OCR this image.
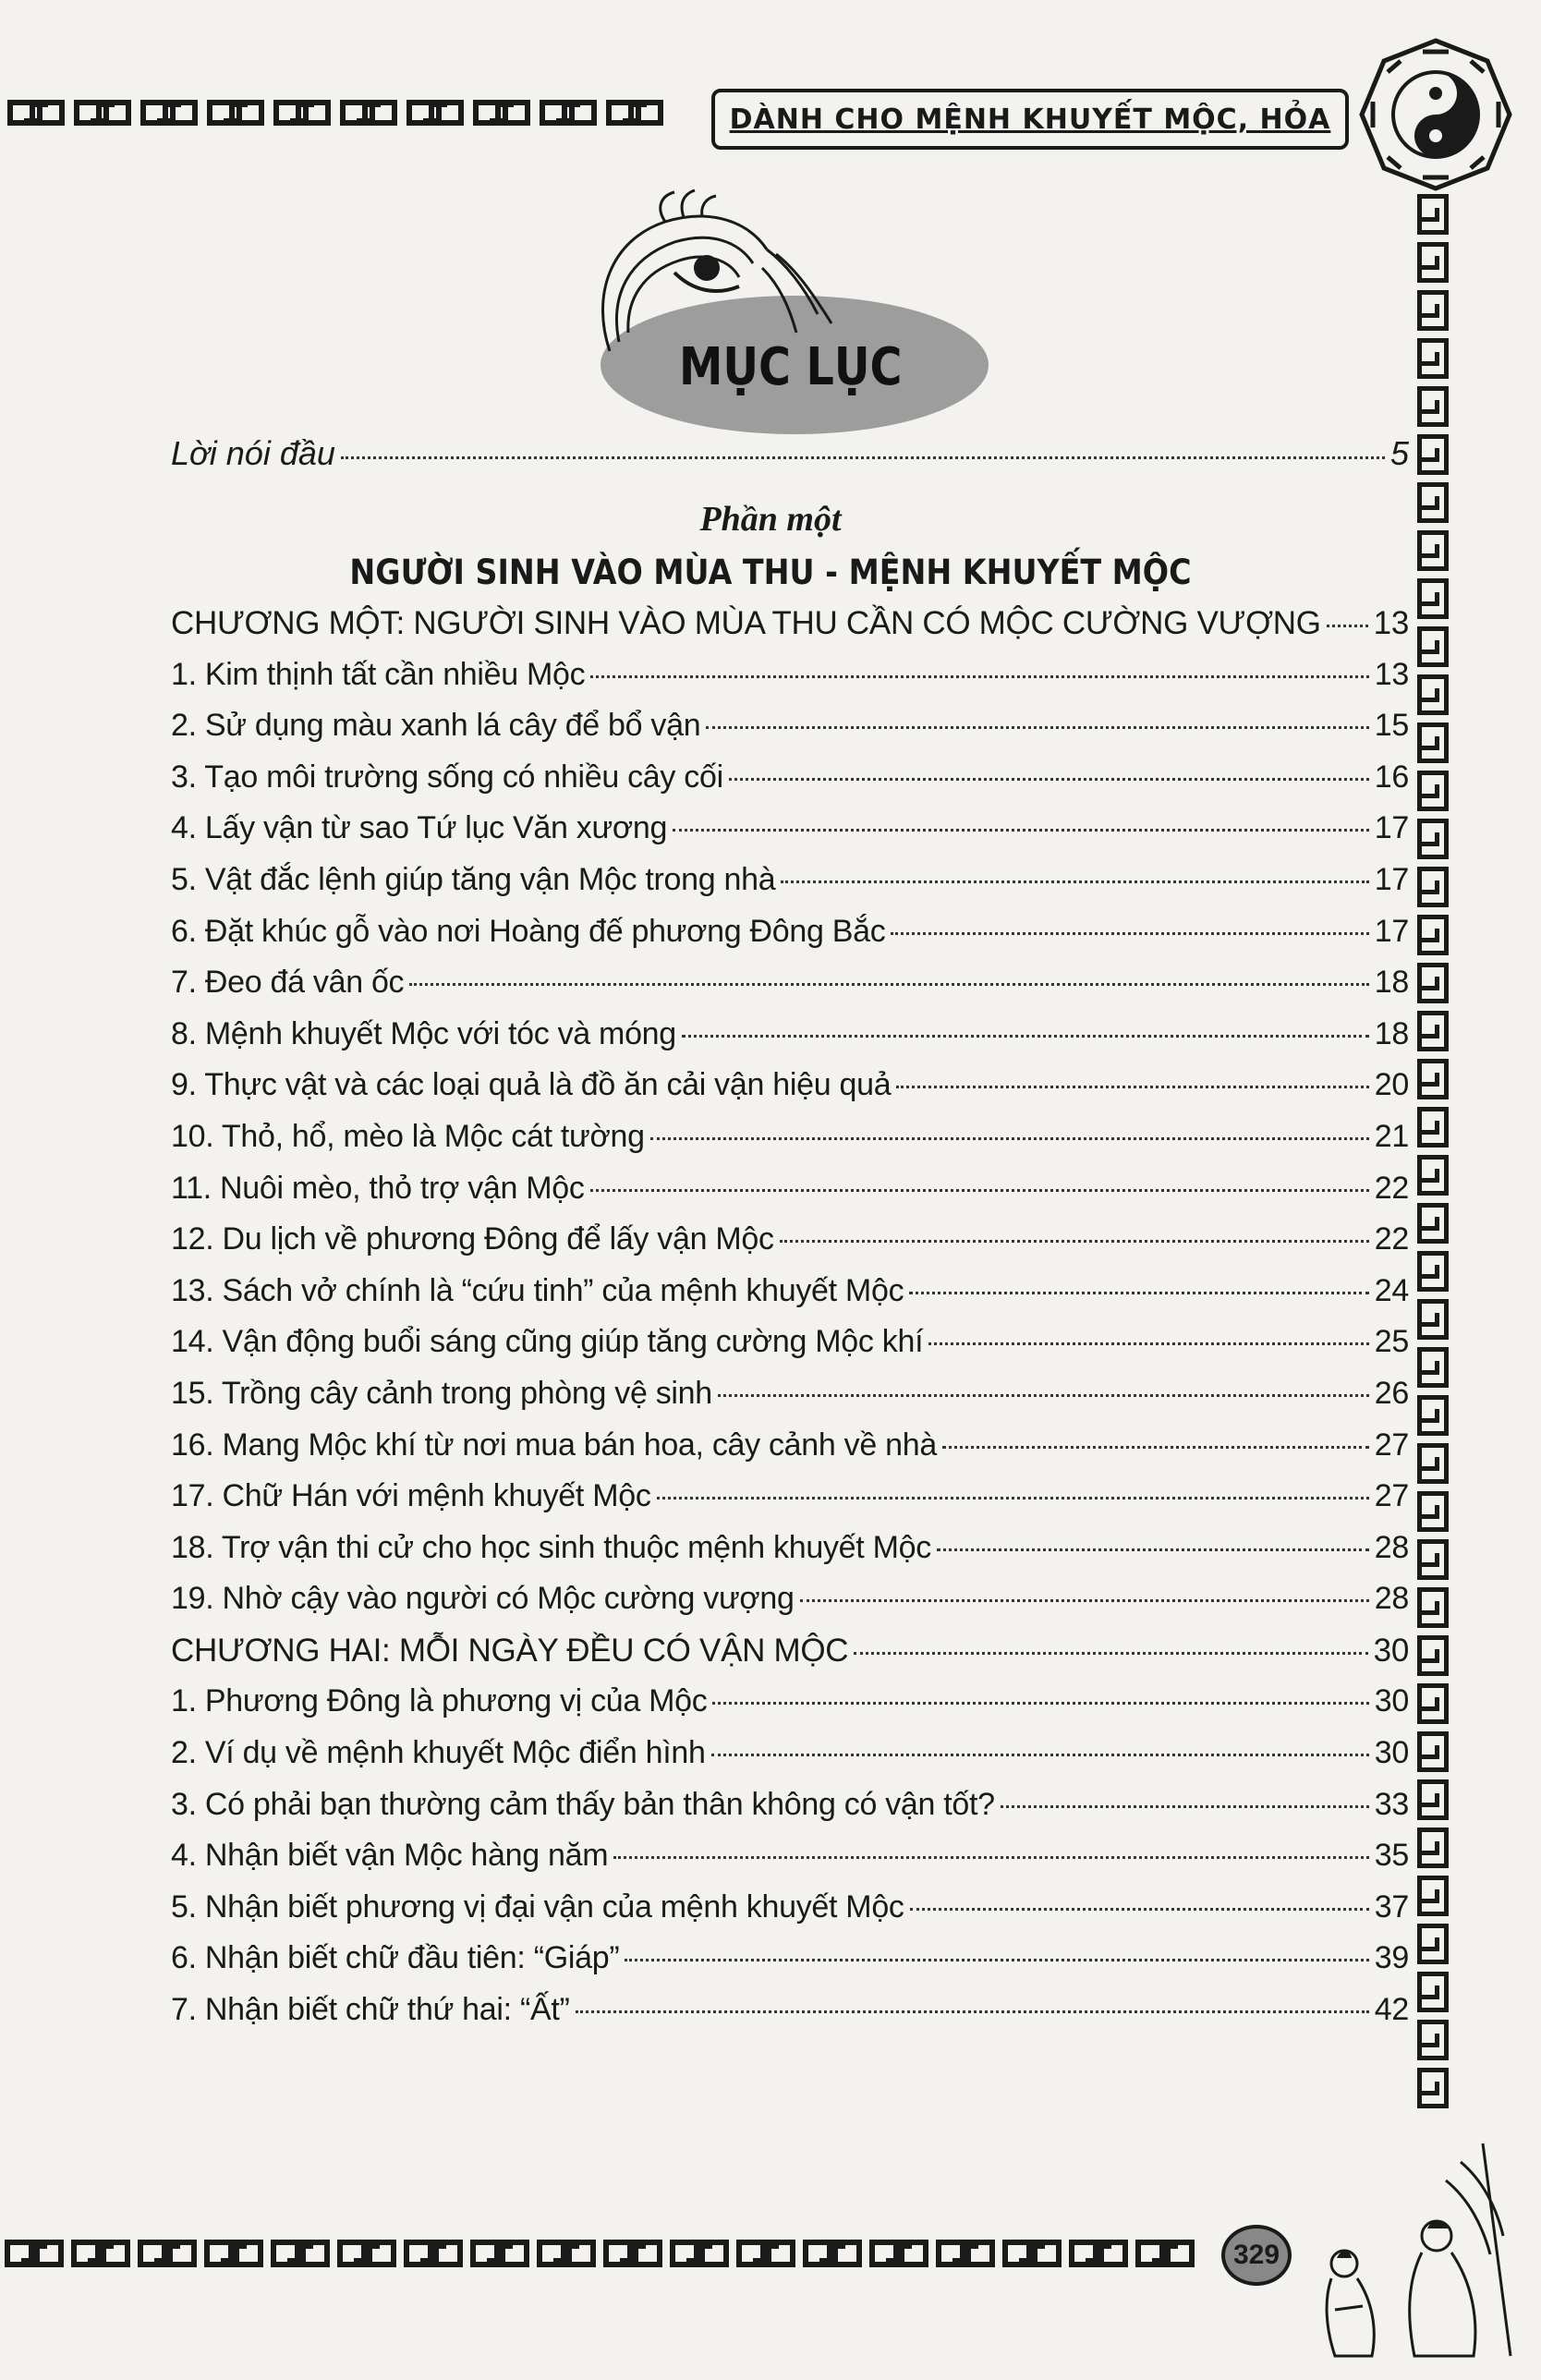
DÀNH CHO MỆNH KHUYẾT MỘC, HỎA
MỤC LỤC
Lời nói đầu	5
Phần một
NGƯỜI SINH VÀO MÙA THU - MỆNH KHUYẾT MỘC
CHƯƠNG MỘT: NGƯỜI SINH VÀO MÙA THU CẦN CÓ MỘC CƯỜNG VƯỢNG 13
1. Kim thịnh tất cần nhiều Mộc	13
2. Sử dụng màu xanh lá cây để bổ vận	15
3. Tạo môi trường sống có nhiều cây cối	16
4. Lấy vận từ sao Tứ lục Văn xương	17
5. Vật đắc lệnh giúp tăng vận Mộc trong nhà	17
6. Đặt khúc gỗ vào nơi Hoàng đế phương Đông Bắc	17
7. Đeo đá vân ốc	18
8. Mệnh khuyết Mộc với tóc và móng	18
9. Thực vật và các loại quả là đồ ăn cải vận hiệu quả	20
10. Thỏ, hổ, mèo là Mộc cát tường	21
11. Nuôi mèo, thỏ trợ vận Mộc	22
12. Du lịch về phương Đông để lấy vận Mộc	22
13. Sách vở chính là “cứu tinh” của mệnh khuyết Mộc	24
14. Vận động buổi sáng cũng giúp tăng cường Mộc khí	25
15. Trồng cây cảnh trong phòng vệ sinh	26
16. Mang Mộc khí từ nơi mua bán hoa, cây cảnh về nhà	27
17. Chữ Hán với mệnh khuyết Mộc	27
18. Trợ vận thi cử cho học sinh thuộc mệnh khuyết Mộc	28
19. Nhờ cậy vào người có Mộc cường vượng	28
CHƯƠNG HAI: MỖI NGÀY ĐỀU CÓ VẬN MỘC	30
1. Phương Đông là phương vị của Mộc	30
2. Ví dụ về mệnh khuyết Mộc điển hình	30
3. Có phải bạn thường cảm thấy bản thân không có vận tốt?	33
4. Nhận biết vận Mộc hàng năm	35
5. Nhận biết phương vị đại vận của mệnh khuyết Mộc	37
6. Nhận biết chữ đầu tiên: “Giáp”	39
7. Nhận biết chữ thứ hai: “Ất”	42
329
